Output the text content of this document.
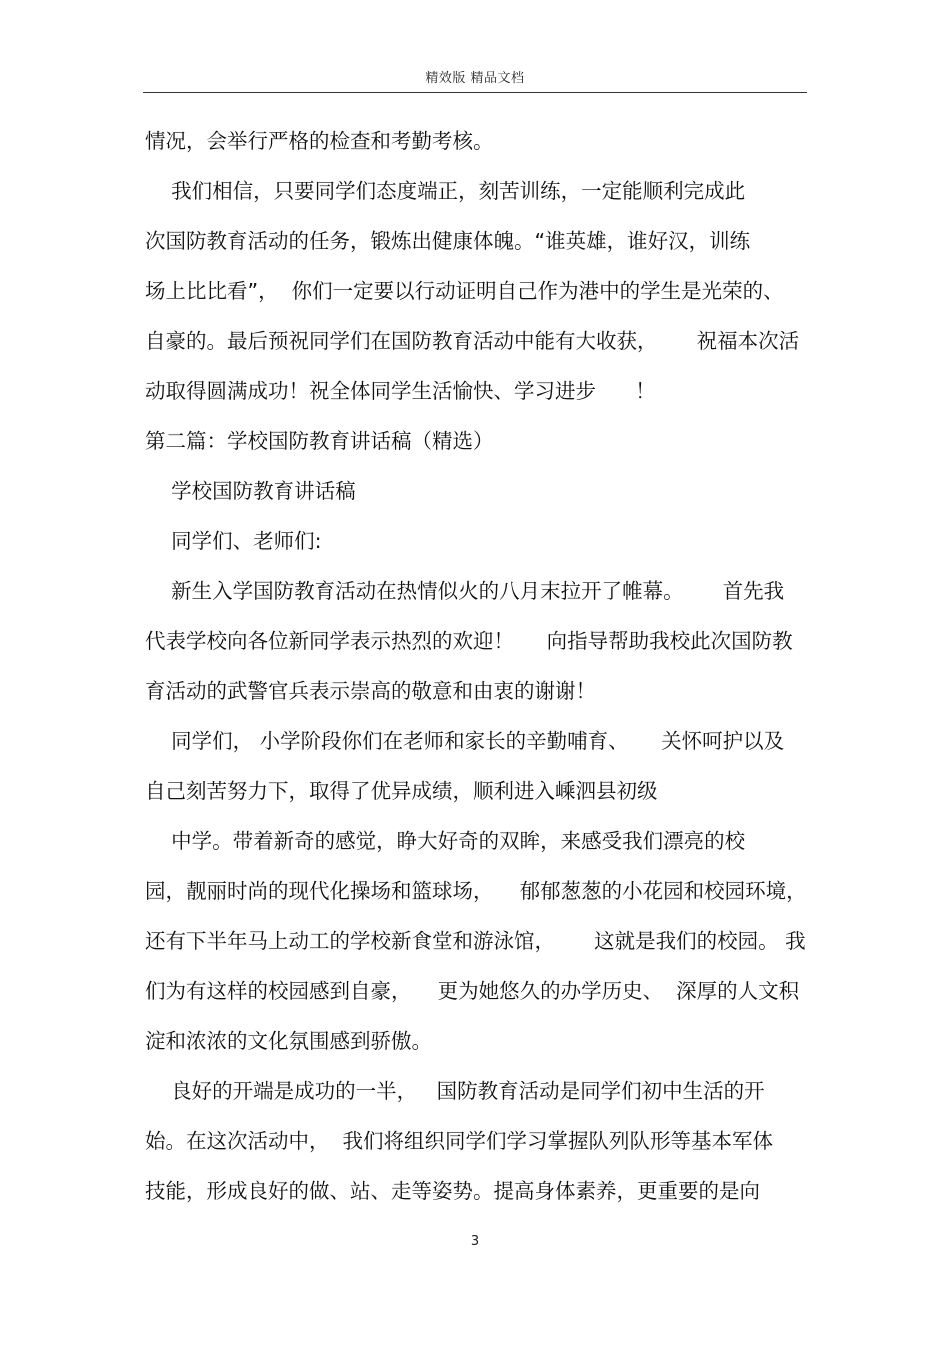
精效版 精品文档
情况，会举行严格的检查和考勤考核。
我们相信，只要同学们态度端正，刻苦训练，一定能顺利完成此
次国防教育活动的任务，锻炼出健康体魄。“谁英雄，谁好汉，训练
场上比比看”，  你们一定要以行动证明自己作为港中的学生是光荣的、
自豪的。最后预祝同学们在国防教育活动中能有大收获，      祝福本次活
动取得圆满成功！祝全体同学生活愉快、学习进步      ！
第二篇：学校国防教育讲话稿（精选）
学校国防教育讲话稿
同学们、老师们:
新生入学国防教育活动在热情似火的八月末拉开了帷幕。      首先我
代表学校向各位新同学表示热烈的欢迎！     向指导帮助我校此次国防教
育活动的武警官兵表示崇高的敬意和由衷的谢谢！
同学们， 小学阶段你们在老师和家长的辛勤哺育、     关怀呵护以及
自己刻苦努力下，取得了优异成绩，顺利进入嵊泗县初级
中学。带着新奇的感觉，睁大好奇的双眸，来感受我们漂亮的校
园，靓丽时尚的现代化操场和篮球场，    郁郁葱葱的小花园和校园环境，
还有下半年马上动工的学校新食堂和游泳馆，      这就是我们的校园。 我
们为有这样的校园感到自豪，    更为她悠久的办学历史、  深厚的人文积
淀和浓浓的文化氛围感到骄傲。
良好的开端是成功的一半，   国防教育活动是同学们初中生活的开
始。在这次活动中，  我们将组织同学们学习掌握队列队形等基本军体
技能，形成良好的做、站、走等姿势。提高身体素养，更重要的是向
3
